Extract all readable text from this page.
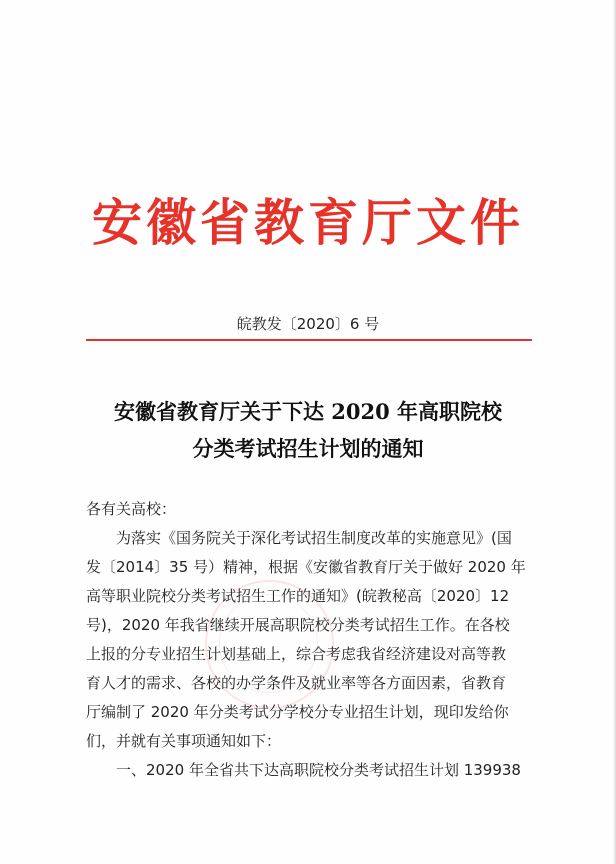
安徽省教育厅文件
皖教发〔2020〕6 号
安徽省教育厅关于下达 2020 年高职院校
分类考试招生计划的通知
各有关高校：
　　为落实《国务院关于深化考试招生制度改革的实施意见》(国
发〔2014〕35 号）精神，根据《安徽省教育厅关于做好 2020 年
高等职业院校分类考试招生工作的通知》(皖教秘高〔2020〕12
号)，2020 年我省继续开展高职院校分类考试招生工作。在各校
上报的分专业招生计划基础上，综合考虑我省经济建设对高等教
育人才的需求、各校的办学条件及就业率等各方面因素，省教育
厅编制了 2020 年分类考试分学校分专业招生计划，现印发给你
们，并就有关事项通知如下：
　　一、2020 年全省共下达高职院校分类考试招生计划 139938
